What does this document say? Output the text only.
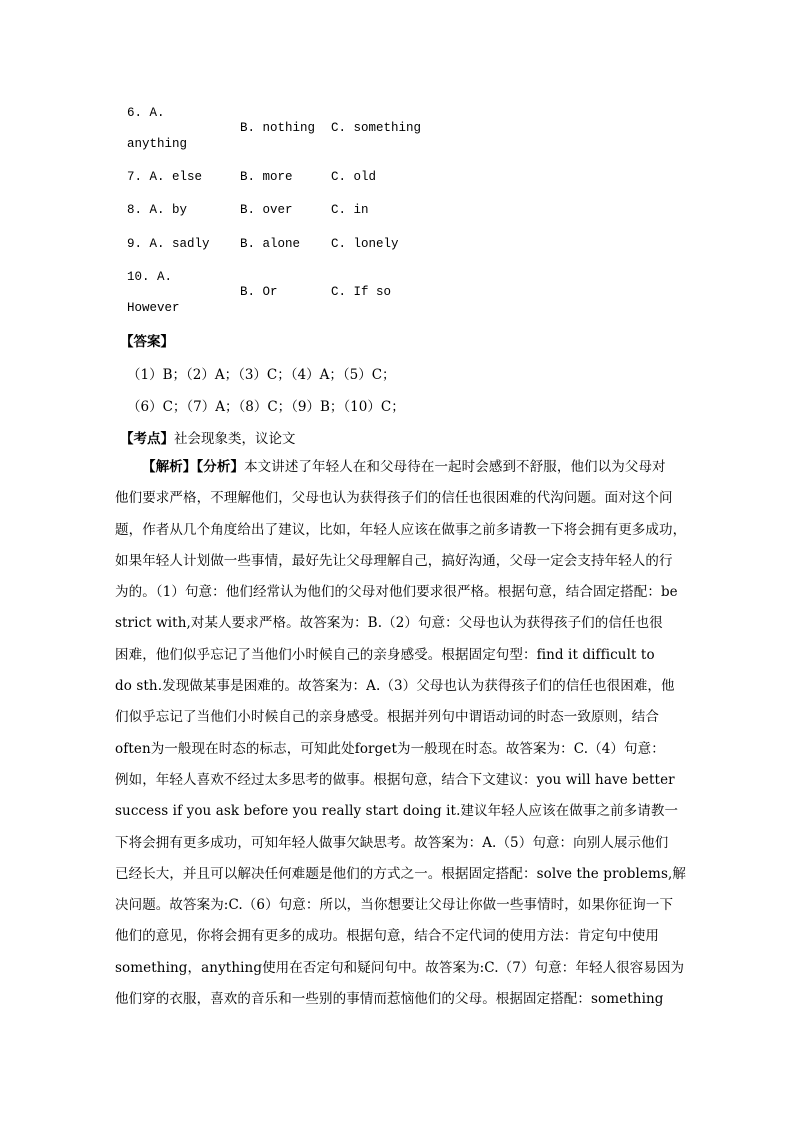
6. A.
anything
B. nothing C. something
7. A. else	B. more	C. old
8. A. by	B. over	C. in
9. A. sadly B. alone C. lonely
10. A.
However
B. Or	C. If so
【答案】
（1）B；（2）A；（3）C；（4）A；（5）C；
（6）C；（7）A；（8）C；（9）B；（10）C；
【考点】社会现象类，议论文

【解析】【分析】本文讲述了年轻人在和父母待在一起时会感到不舒服，他们以为父母对

他们要求严格，不理解他们，父母也认为获得孩子们的信任也很困难的代沟问题。面对这个问

题，作者从几个角度给出了建议，比如，年轻人应该在做事之前多请教一下将会拥有更多成功，

如果年轻人计划做一些事情，最好先让父母理解自己，搞好沟通，父母一定会支持年轻人的行

为的。（1）句意：他们经常认为他们的父母对他们要求很严格。根据句意，结合固定搭配：be

strict with,对某人要求严格。故答案为：B.（2）句意：父母也认为获得孩子们的信任也很

困难，他们似乎忘记了当他们小时候自己的亲身感受。根据固定句型：find it difficult to

do sth.发现做某事是困难的。故答案为：A.（3）父母也认为获得孩子们的信任也很困难，他

们似乎忘记了当他们小时候自己的亲身感受。根据并列句中谓语动词的时态一致原则，结合

often为一般现在时态的标志，可知此处forget为一般现在时态。故答案为：C.（4）句意：

例如，年轻人喜欢不经过太多思考的做事。根据句意，结合下文建议：you will have better

success if you ask before you really start doing it.建议年轻人应该在做事之前多请教一

下将会拥有更多成功，可知年轻人做事欠缺思考。故答案为：A.（5）句意：向别人展示他们

已经长大，并且可以解决任何难题是他们的方式之一。根据固定搭配：solve the problems,解

决问题。故答案为:C.（6）句意：所以，当你想要让父母让你做一些事情时，如果你征询一下

他们的意见，你将会拥有更多的成功。根据句意，结合不定代词的使用方法：肯定句中使用

something，anything使用在否定句和疑问句中。故答案为:C.（7）句意：年轻人很容易因为

他们穿的衣服，喜欢的音乐和一些别的事情而惹恼他们的父母。根据固定搭配：something
